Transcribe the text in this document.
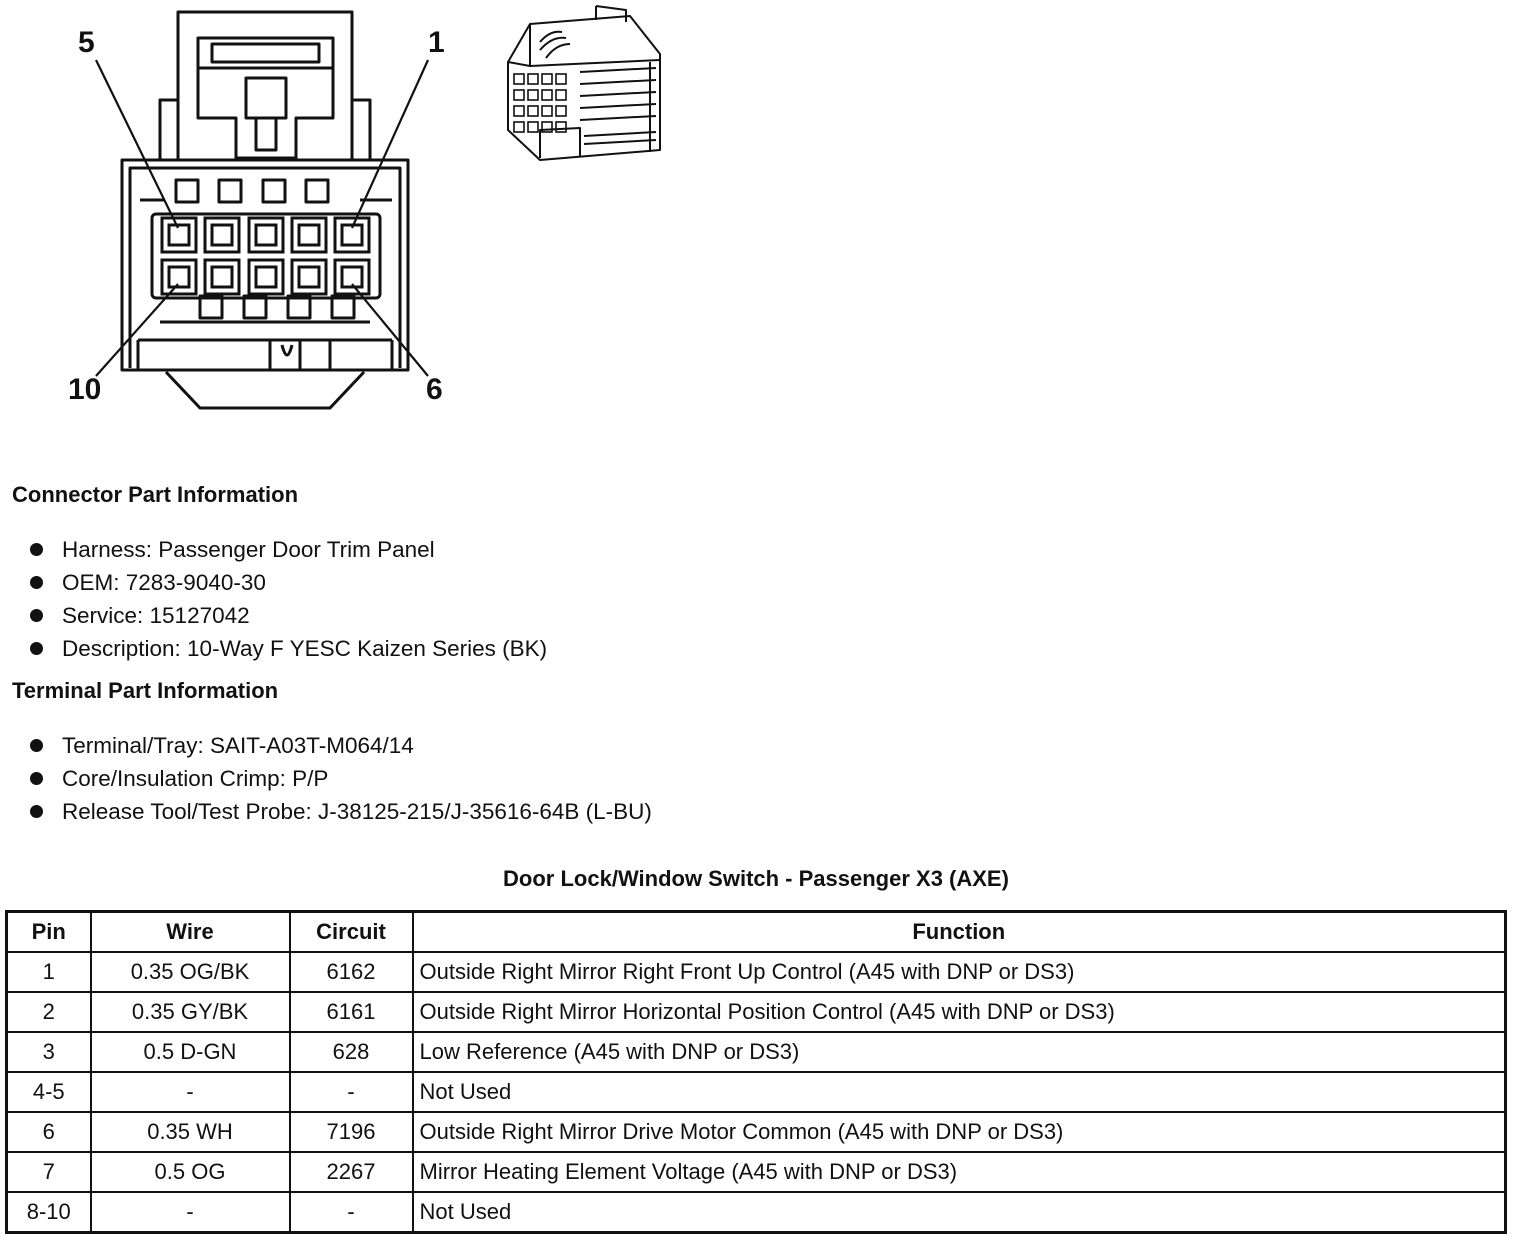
5	1
10	6
Connector Part Information
Harness: Passenger Door Trim Panel
OEM: 7283-9040-30
Service: 15127042
Description: 10-Way F YESC Kaizen Series (BK)
Terminal Part Information
Terminal/Tray: SAIT-A03T-M064/14
Core/Insulation Crimp: P/P
Release Tool/Test Probe: J-38125-215/J-35616-64B (L-BU)
Door Lock/Window Switch - Passenger X3 (AXE)
Pin	Wire	Circuit	Function
1	0.35 OG/BK	6162	Outside Right Mirror Right Front Up Control (A45 with DNP or DS3)
2	0.35 GY/BK	6161	Outside Right Mirror Horizontal Position Control (A45 with DNP or DS3)
3	0.5 D-GN	628	Low Reference (A45 with DNP or DS3)
4-5	-	-	Not Used
6	0.35 WH	7196	Outside Right Mirror Drive Motor Common (A45 with DNP or DS3)
7	0.5 OG	2267	Mirror Heating Element Voltage (A45 with DNP or DS3)
8-10	-	-	Not Used
